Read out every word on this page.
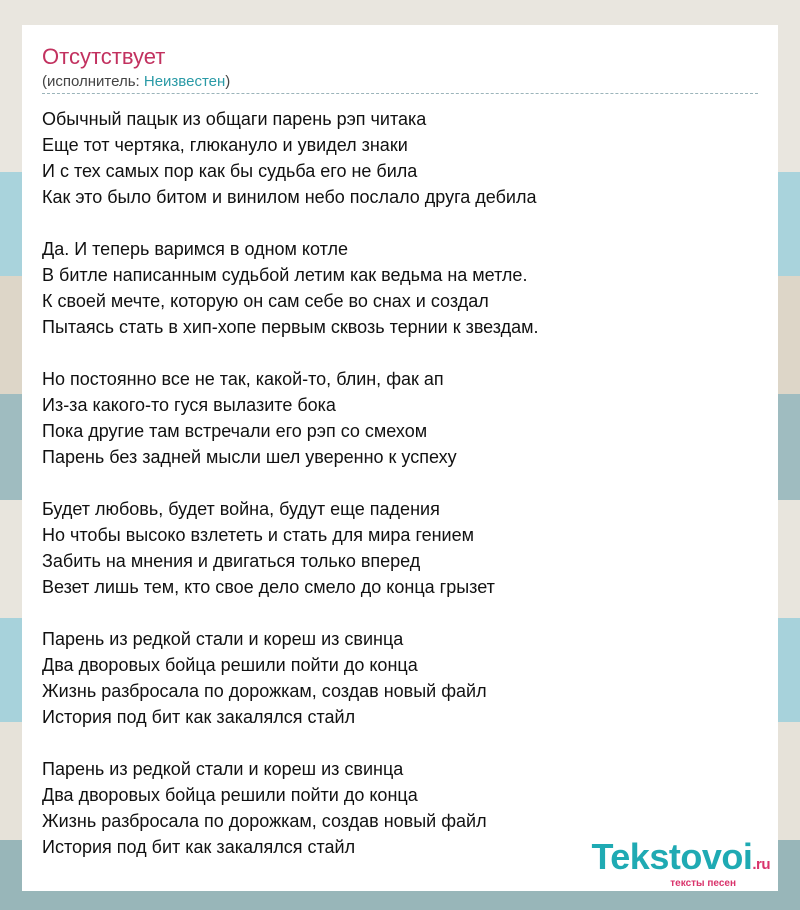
Отсутствует
(исполнитель: Неизвестен)
Обычный пацык из общаги парень рэп читака
Еще тот чертяка, глюкануло и увидел знаки
И с тех самых пор как бы судьба его не била
Как это было битом и винилом небо послало друга дебила
Да. И теперь варимся в одном котле
В битле написанным судьбой летим как ведьма на метле.
К своей мечте, которую он сам себе во снах и создал
Пытаясь стать в хип-хопе первым сквозь тернии к звездам.
Но постоянно все не так, какой-то, блин, фак ап
Из-за какого-то гуся вылазите бока
Пока другие там встречали его рэп со смехом
Парень без задней мысли шел уверенно к успеху
Будет любовь, будет война, будут еще падения
Но чтобы высоко взлететь и стать для мира гением
Забить на мнения и двигаться только вперед
Везет лишь тем, кто свое дело смело до конца грызет
Парень из редкой стали и кореш из свинца
Два дворовых бойца решили пойти до конца
Жизнь разбросала по дорожкам, создав новый файл
История под бит как закалялся стайл
Парень из редкой стали и кореш из свинца
Два дворовых бойца решили пойти до конца
Жизнь разбросала по дорожкам, создав новый файл
История под бит как закалялся стайл	Tekstovoi.ru
тексты песен
